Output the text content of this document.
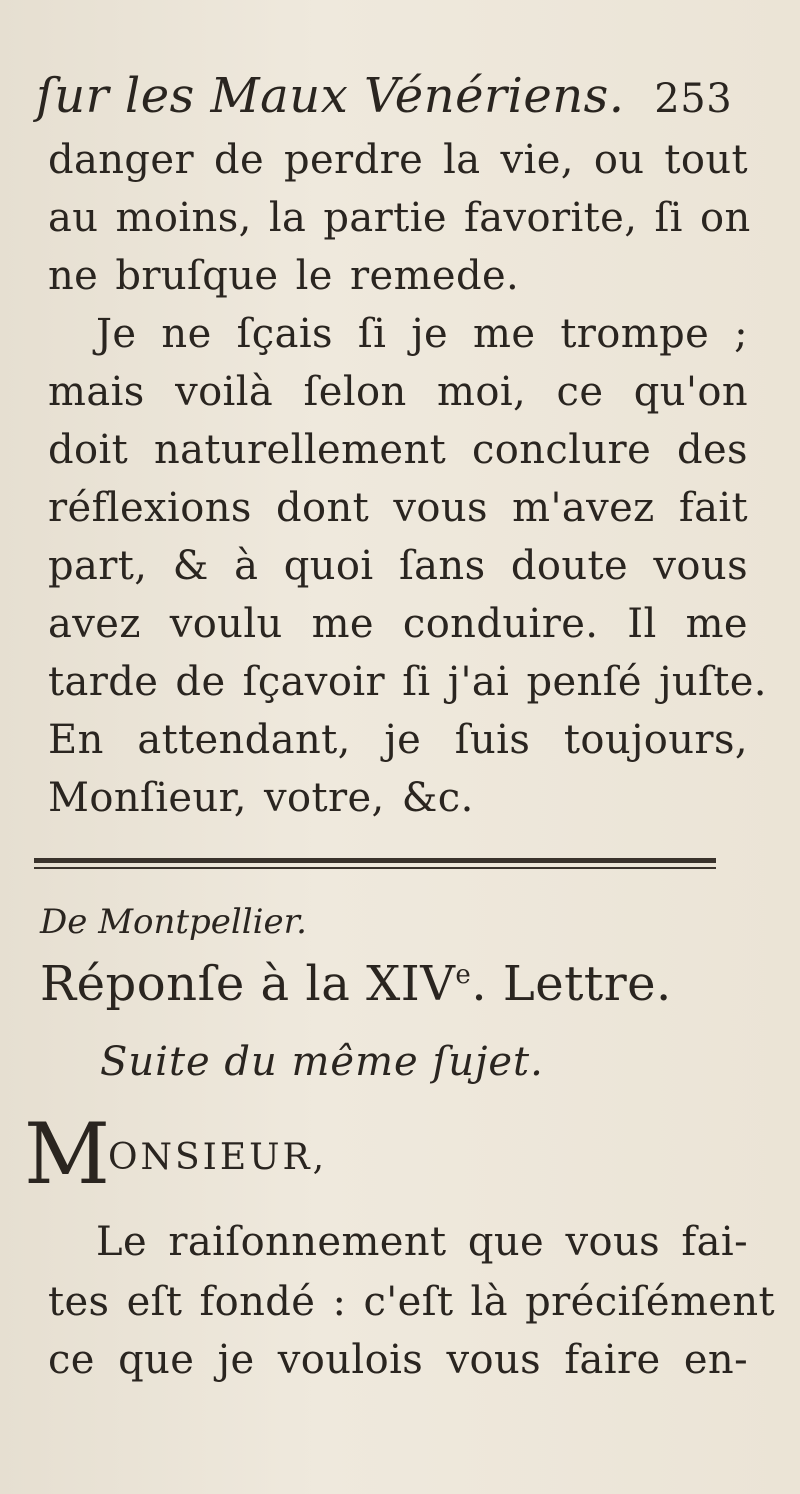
ſur les Maux Vénériens. 253
danger de perdre la vie, ou tout
au moins, la partie favorite, ſi on
ne bruſque le remede.
Je ne ſçais ſi je me trompe ;
mais voilà ſelon moi, ce qu'on
doit naturellement conclure des
réflexions dont vous m'avez fait
part, & à quoi ſans doute vous
avez voulu me conduire. Il me
tarde de ſçavoir ſi j'ai penſé juſte.
En attendant, je ſuis toujours,
Monſieur, votre, &c.
De Montpellier.
Réponſe à la XIVe. Lettre.
Suite du même ſujet.
M
ONSIEUR,
Le raiſonnement que vous fai-
tes eſt fondé : c'eſt là préciſément
ce que je voulois vous faire en-
